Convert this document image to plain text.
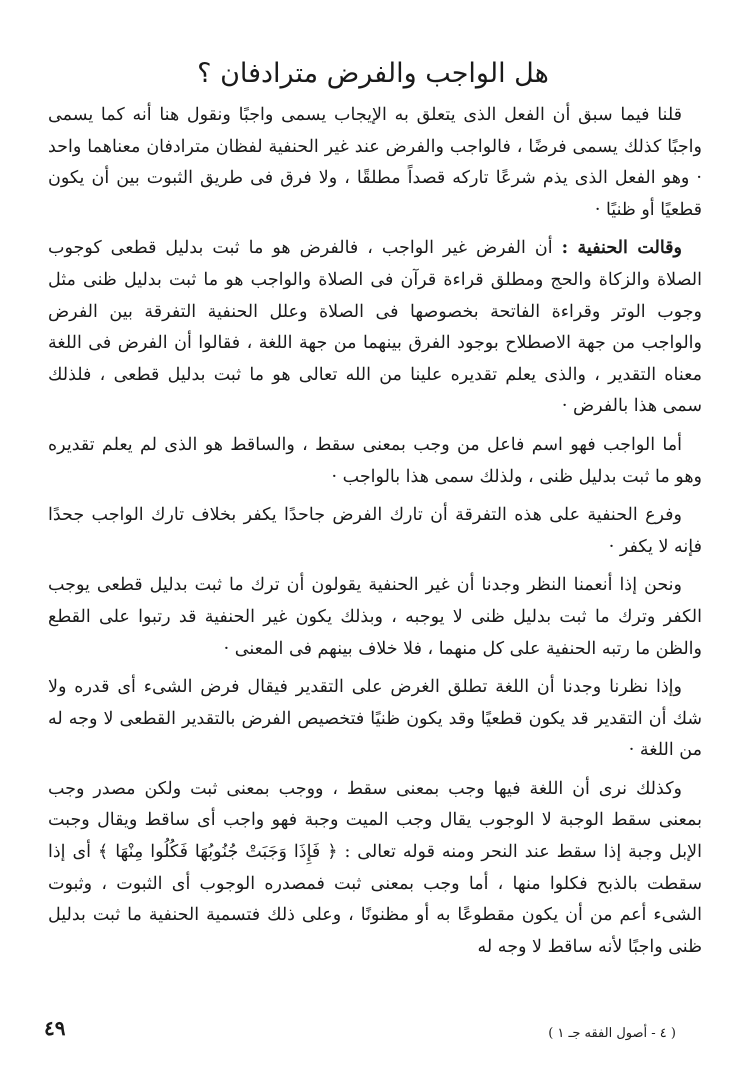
هل الواجب والفرض مترادفان ؟

قلنا فيما سبق أن الفعل الذى يتعلق به الإيجاب يسمى واجبًا ونقول هنا أنه كما يسمى واجبًا كذلك يسمى فرضًا ، فالواجب والفرض عند غير الحنفية لفظان مترادفان معناهما واحد · وهو الفعل الذى يذم شرعًا تاركه قصداً مطلقًا ، ولا فرق فى طريق الثبوت بين أن يكون قطعيًا أو ظنيًا ·

وقالت الحنفية : أن الفرض غير الواجب ، فالفرض هو ما ثبت بدليل قطعى كوجوب الصلاة والزكاة والحج ومطلق قراءة قرآن فى الصلاة والواجب هو ما ثبت بدليل ظنى مثل وجوب الوتر وقراءة الفاتحة بخصوصها فى الصلاة وعلل الحنفية التفرقة بين الفرض والواجب من جهة الاصطلاح بوجود الفرق بينهما من جهة اللغة ، فقالوا أن الفرض فى اللغة معناه التقدير ، والذى يعلم تقديره علينا من الله تعالى هو ما ثبت بدليل قطعى ، فلذلك سمى هذا بالفرض ·

أما الواجب فهو اسم فاعل من وجب بمعنى سقط ، والساقط هو الذى لم يعلم تقديره وهو ما ثبت بدليل ظنى ، ولذلك سمى هذا بالواجب ·

وفرع الحنفية على هذه التفرقة أن تارك الفرض جاحدًا يكفر بخلاف تارك الواجب جحدًا فإنه لا يكفر ·

ونحن إذا أنعمنا النظر وجدنا أن غير الحنفية يقولون أن ترك ما ثبت بدليل قطعى يوجب الكفر وترك ما ثبت بدليل ظنى لا يوجبه ، وبذلك يكون غير الحنفية قد رتبوا على القطع والظن ما رتبه الحنفية على كل منهما ، فلا خلاف بينهم فى المعنى ·

وإذا نظرنا وجدنا أن اللغة تطلق الغرض على التقدير فيقال فرض الشىء أى قدره ولا شك أن التقدير قد يكون قطعيًا وقد يكون ظنيًا فتخصيص الفرض بالتقدير القطعى لا وجه له من اللغة ·

وكذلك نرى أن اللغة فيها وجب بمعنى سقط ، ووجب بمعنى ثبت ولكن مصدر وجب بمعنى سقط الوجبة لا الوجوب يقال وجب الميت وجبة فهو واجب أى ساقط ويقال وجبت الإبل وجبة إذا سقط عند النحر ومنه قوله تعالى : ﴿ فَإِذَا وَجَبَتْ جُنُوبُهَا فَكُلُوا مِنْهَا ﴾ أى إذا سقطت بالذبح فكلوا منها ، أما وجب بمعنى ثبت فمصدره الوجوب أى الثبوت ، وثبوت الشىء أعم من أن يكون مقطوعًا به أو مظنونًا ، وعلى ذلك فتسمية الحنفية ما ثبت بدليل ظنى واجبًا لأنه ساقط لا وجه له

٤٩	( ٤ - أصول الفقه جـ ١ )
